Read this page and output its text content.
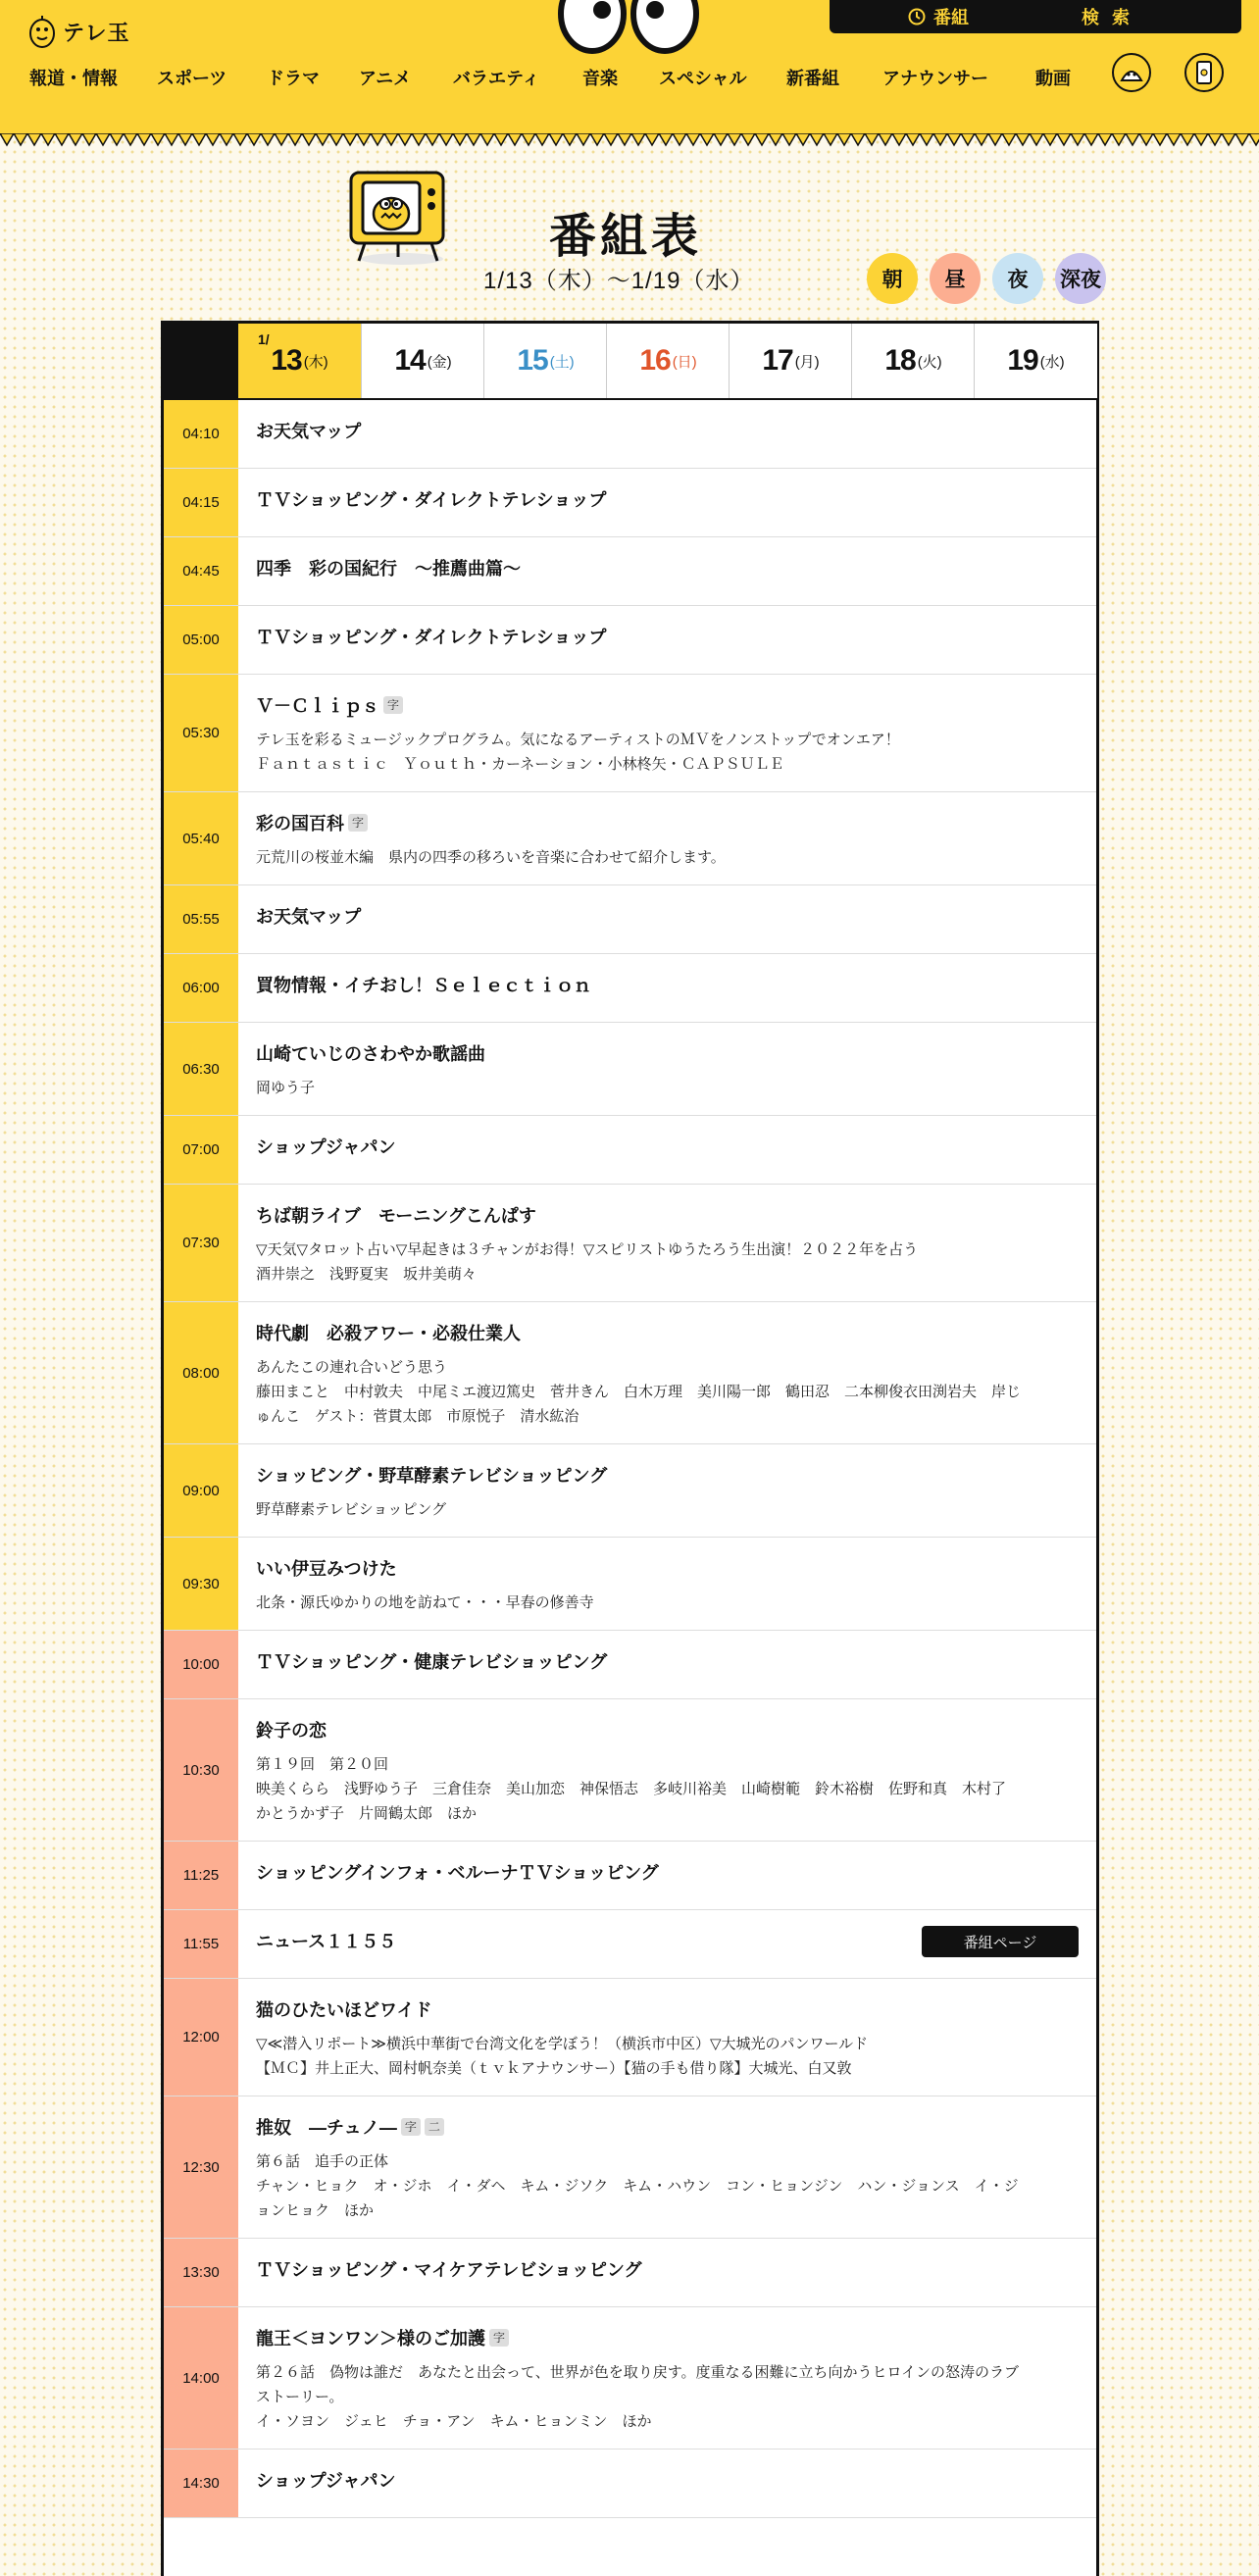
テレ玉
番組	検 索
報道・情報 スポーツ ドラマ アニメ バラエティ 音楽 スペシャル 新番組 アナウンサー	動画
番組表
1/13（木）〜1/19（水）	朝	昼	夜	深夜
1/
13 (木) 14 (金) 15 (土) 16 (日) 17 (月) 18 (火) 19 (水)
04:10	お天気マップ
04:15	ＴＶショッピング・ダイレクトテレショップ
04:45	四季　彩の国紀行　～推薦曲篇～
05:00	ＴＶショッピング・ダイレクトテレショップ
05:30
Ｖ－Ｃｌｉｐｓ 字
テレ玉を彩るミュージックプログラム。気になるアーティストのＭＶをノンストップでオンエア！
Ｆａｎｔａｓｔｉｃ　Ｙｏｕｔｈ・カーネーション・小林柊矢・ＣＡＰＳＵＬＥ
05:40
彩の国百科 字
元荒川の桜並木編　県内の四季の移ろいを音楽に合わせて紹介します。
05:55	お天気マップ
06:00	買物情報・イチおし！Ｓｅｌｅｃｔｉｏｎ
06:30
山崎ていじのさわやか歌謡曲
岡ゆう子
07:00	ショップジャパン
07:30
ちば朝ライブ　モーニングこんぱす
▽天気▽タロット占い▽早起きは３チャンがお得！▽スピリストゆうたろう生出演！２０２２年を占う
酒井崇之　浅野夏実　坂井美萌々
08:00
時代劇　必殺アワー・必殺仕業人
あんたこの連れ合いどう思う
藤田まこと　中村敦夫　中尾ミエ渡辺篤史　菅井きん　白木万理　美川陽一郎　鶴田忍　二本柳俊衣田渕岩夫　岸じ
ゅんこ　ゲスト：菅貫太郎　市原悦子　清水紘治
09:00
ショッピング・野草酵素テレビショッピング
野草酵素テレビショッピング
09:30
いい伊豆みつけた
北条・源氏ゆかりの地を訪ねて・・・早春の修善寺
10:00	ＴＶショッピング・健康テレビショッピング
10:30
鈴子の恋
第１９回　第２０回
映美くらら　浅野ゆう子　三倉佳奈　美山加恋　神保悟志　多岐川裕美　山崎樹範　鈴木裕樹　佐野和真　木村了
かとうかず子　片岡鶴太郎　ほか
11:25	ショッピングインフォ・ベルーナＴＶショッピング
11:55	ニュース１１５５	番組ページ
12:00
猫のひたいほどワイド
▽≪潜入リポート≫横浜中華街で台湾文化を学ぼう！（横浜市中区）▽大城光のパンワールド
【ＭＣ】井上正大、岡村帆奈美（ｔｖｋアナウンサー）【猫の手も借り隊】大城光、白又敦
12:30
推奴　―チュノ― 字	二
第６話　追手の正体
チャン・ヒョク　オ・ジホ　イ・ダヘ　キム・ジソク　キム・ハウン　コン・ヒョンジン　ハン・ジョンス　イ・ジ
ョンヒョク　ほか
13:30	ＴＶショッピング・マイケアテレビショッピング
14:00
龍王＜ヨンワン＞様のご加護 字
第２６話　偽物は誰だ　あなたと出会って、世界が色を取り戻す。度重なる困難に立ち向かうヒロインの怒涛のラブ
ストーリー。
イ・ソヨン　ジェヒ　チョ・アン　キム・ヒョンミン　ほか
14:30	ショップジャパン
